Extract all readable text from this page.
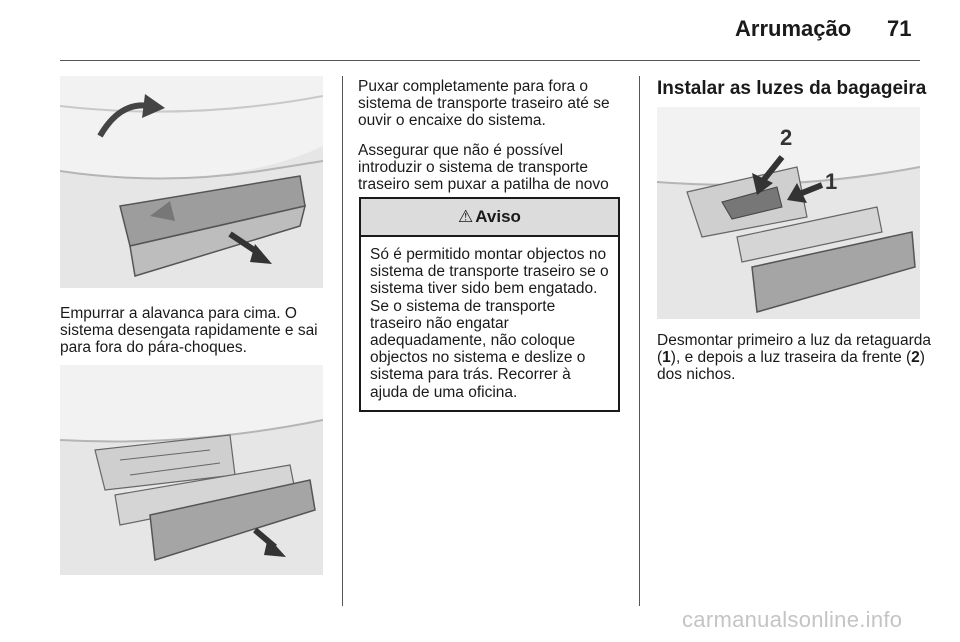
Arrumação 71

Empurrar a alavanca para cima. O sistema desengata rapidamente e sai para fora do pára-choques.

Puxar completamente para fora o sistema de transporte traseiro até se ouvir o encaixe do sistema.

Assegurar que não é possível introduzir o sistema de transporte traseiro sem puxar a patilha de novo

⚠ Aviso
Só é permitido montar objectos no sistema de transporte traseiro se o sistema tiver sido bem engatado. Se o sistema de transporte traseiro não engatar adequadamente, não coloque objectos no sistema e deslize o sistema para trás. Recorrer à ajuda de uma oficina.
Instalar as luzes da bagageira
2
1

Desmontar primeiro a luz da retaguarda (1), e depois a luz traseira da frente (2) dos nichos.

carmanualsonline.info
